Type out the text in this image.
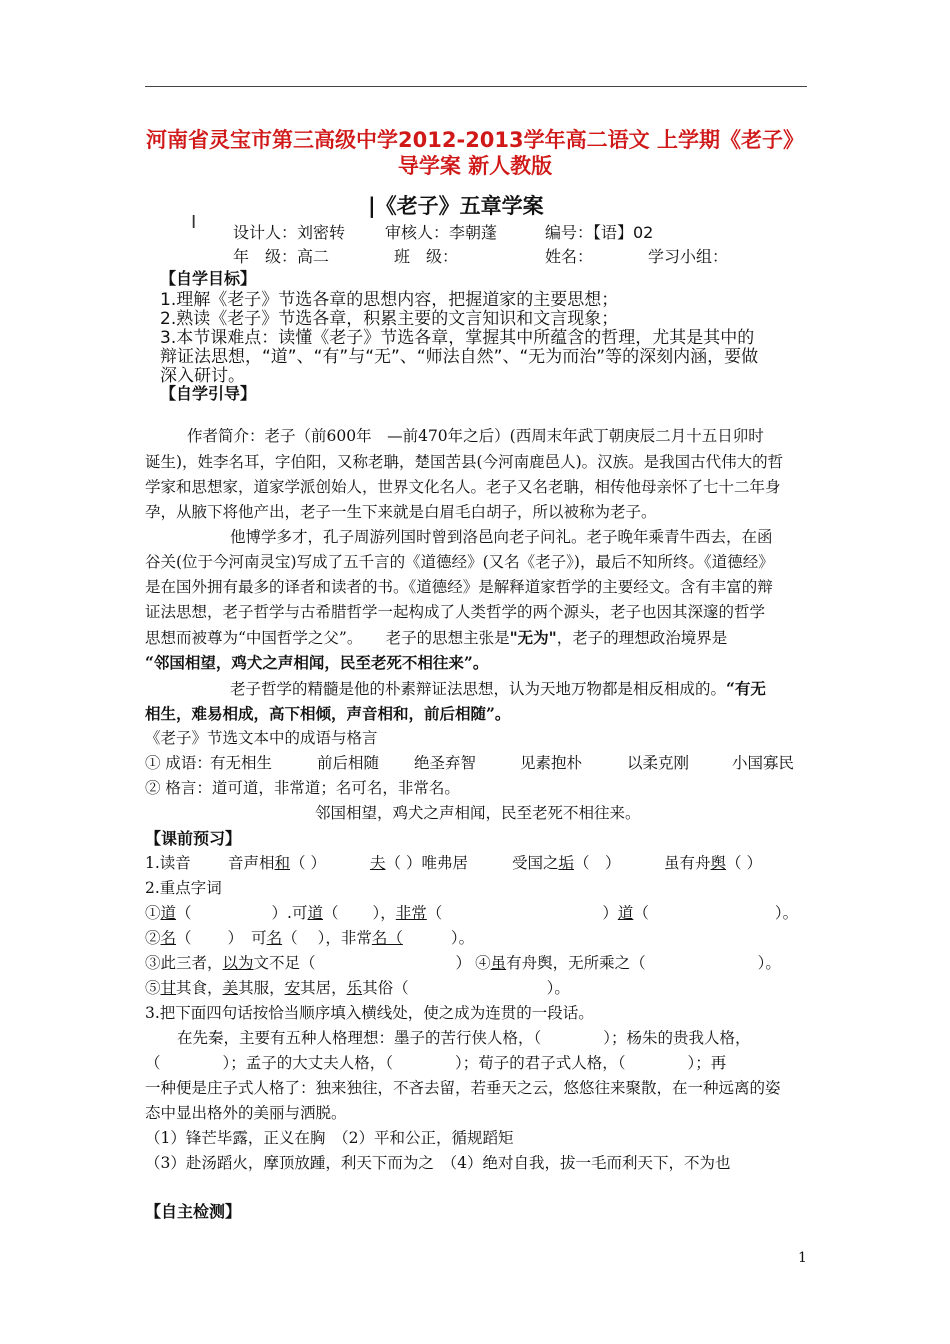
河南省灵宝市第三高级中学2012-2013学年高二语文 上学期《老子》
导学案 新人教版
|《老子》五章学案
I 设计人：刘密转 审核人：李朝蓬	编号：【语】02
年　级：高二	班　级：	姓名：	学习小组：
【自学目标】
1.理解《老子》节选各章的思想内容，把握道家的主要思想；
2.熟读《老子》节选各章，积累主要的文言知识和文言现象；
3.本节课难点：读懂《老子》节选各章，掌握其中所蕴含的哲理，尤其是其中的
辩证法思想，“道”、“有”与“无”、“师法自然”、“无为而治”等的深刻内涵，要做
深入研讨。
【自学引导】
作者简介：老子（前600年　—前470年之后）(西周末年武丁朝庚辰二月十五日卯时
诞生)，姓李名耳，字伯阳，又称老聃，楚国苦县(今河南鹿邑人)。汉族。是我国古代伟大的哲
学家和思想家，道家学派创始人，世界文化名人。老子又名老聃，相传他母亲怀了七十二年身
孕，从腋下将他产出，老子一生下来就是白眉毛白胡子，所以被称为老子。
他博学多才，孔子周游列国时曾到洛邑向老子问礼。老子晚年乘青牛西去，在函
谷关(位于今河南灵宝)写成了五千言的《道德经》(又名《老子》)，最后不知所终。《道德经》
是在国外拥有最多的译者和读者的书。《道德经》是解释道家哲学的主要经文。含有丰富的辩
证法思想，老子哲学与古希腊哲学一起构成了人类哲学的两个源头，老子也因其深邃的哲学
思想而被尊为“中国哲学之父”。　　老子的思想主张是"无为"，老子的理想政治境界是
“邻国相望，鸡犬之声相闻，民至老死不相往来”。
老子哲学的精髓是他的朴素辩证法思想，认为天地万物都是相反相成的。“有无
相生，难易相成，高下相倾，声音相和，前后相随”。
《老子》节选文本中的成语与格言
① 成语：
有无相生	前后相随 绝圣弃智	见素抱朴	以柔克刚	小国寡民
② 格言：道可道，非常道；名可名，非常名。
邻国相望，鸡犬之声相闻，民至老死不相往来。
【课前预习】
1.读音 音声相和（ ）	夫（ ）唯弗居	受国之垢（　）	虽有舟舆（ ）
2.重点字词
①道（	）.可道（ ），非常（	）道（	）。
②名（ ） 可名（ ），非常名（	）。
③此三者，以为文不足（	） ④虽有舟舆，无所乘之（	）。
⑤甘其食，美其服，安其居，乐其俗（	）。
3.把下面四句话按恰当顺序填入横线处，使之成为连贯的一段话。
在先秦，主要有五种人格理想：墨子的苦行侠人格，（　　　　）；杨朱的贵我人格，
（　　　　）；孟子的大丈夫人格，（　　　　）；荀子的君子式人格，（　　　　）；再
一种便是庄子式人格了：独来独往，不吝去留，若垂天之云，悠悠往来聚散，在一种远离的姿
态中显出格外的美丽与洒脱。
（1）锋芒毕露，正义在胸　（2）平和公正，循规蹈矩
（3）赴汤蹈火，摩顶放踵，利天下而为之　（4）绝对自我，拔一毛而利天下，不为也
【自主检测】
1
